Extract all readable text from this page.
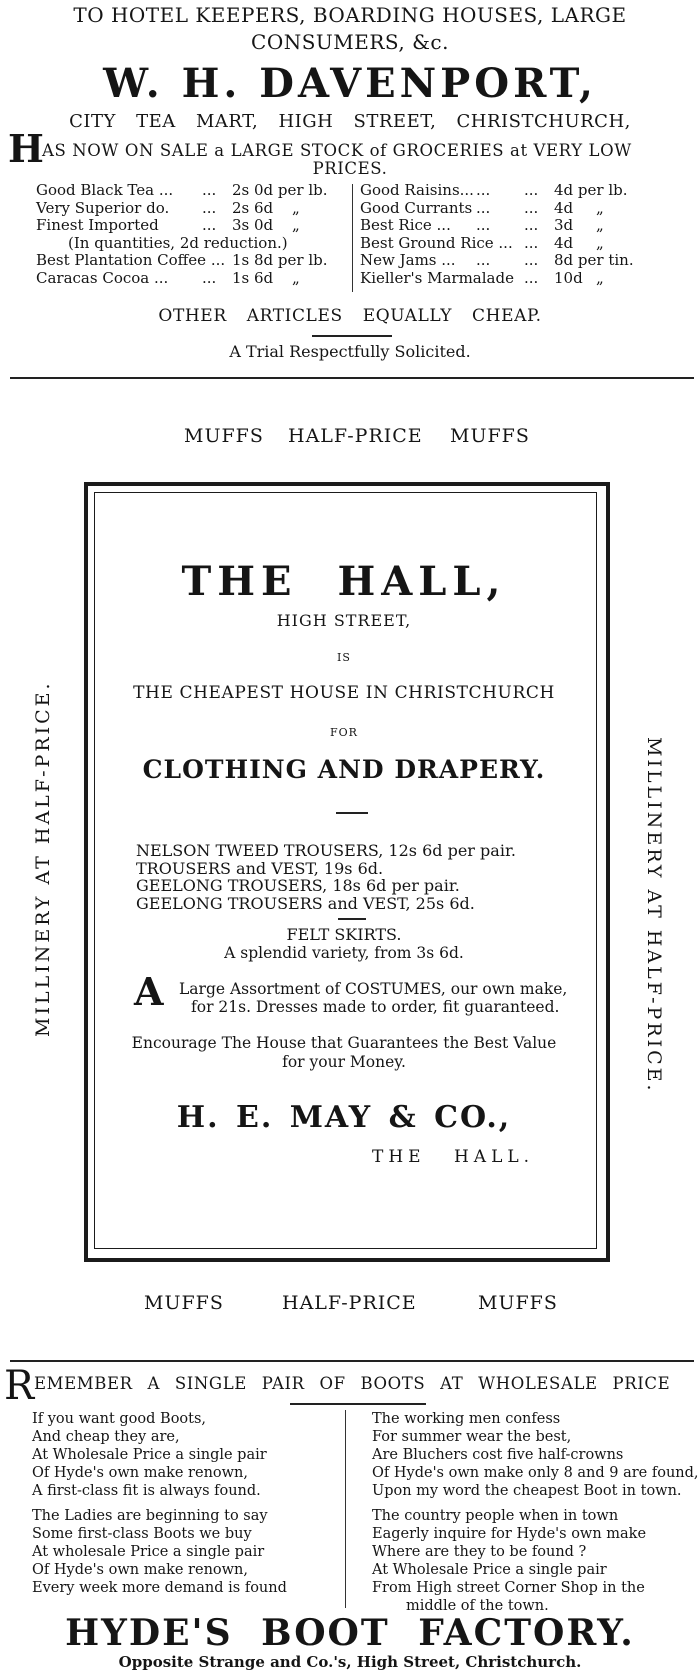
TO HOTEL KEEPERS, BOARDING HOUSES, LARGE
CONSUMERS, &c.
W. H. DAVENPORT,
CITY TEA MART, HIGH STREET, CHRISTCHURCH,
H
AS NOW ON SALE a LARGE STOCK of GROCERIES at VERY LOW
PRICES.
Good Black Tea ... ... 2s 0d per lb.
Very Superior do. ... 2s 6d „
Finest Imported	... 3s 0d „
(In quantities, 2d reduction.)
Best Plantation Coffee ... 1s 8d per lb.
Caracas Cocoa ... ... 1s 6d „
Good Raisins... ... ... 4d per lb.
Good Currants ... ... 4d „
Best Rice ... ... ... 3d „
Best Ground Rice ... ... 4d „
New Jams ... ... ... 8d per tin.
Kieller's Marmalade ... 10d „
OTHER ARTICLES EQUALLY CHEAP.
A Trial Respectfully Solicited.
MUFFS HALF-PRICE MUFFS
MILLINERY AT HALF-PRICE.	MILLINERY AT HALF-PRICE.
THE HALL,
HIGH STREET,
IS
THE CHEAPEST HOUSE IN CHRISTCHURCH
FOR
CLOTHING AND DRAPERY.
NELSON TWEED TROUSERS, 12s 6d per pair.
TROUSERS and VEST, 19s 6d.
GEELONG TROUSERS, 18s 6d per pair.
GEELONG TROUSERS and VEST, 25s 6d.
FELT SKIRTS.
A splendid variety, from 3s 6d.
A Large Assortment of COSTUMES, our own make,
for 21s. Dresses made to order, fit guaranteed.
Encourage The House that Guarantees the Best Value
for your Money.
H. E. MAY & CO.,
THE HALL.
MUFFS	HALF-PRICE	MUFFS
R EMEMBER A SINGLE PAIR OF BOOTS AT WHOLESALE PRICE
If you want good Boots,
And cheap they are,
At Wholesale Price a single pair
Of Hyde's own make renown,
A first-class fit is always found.
The Ladies are beginning to say
Some first-class Boots we buy
At wholesale Price a single pair
Of Hyde's own make renown,
Every week more demand is found
The working men confess
For summer wear the best,
Are Bluchers cost five half-crowns
Of Hyde's own make only 8 and 9 are found,
Upon my word the cheapest Boot in town.
The country people when in town
Eagerly inquire for Hyde's own make
Where are they to be found ?
At Wholesale Price a single pair
From High street Corner Shop in the
middle of the town.
HYDE'S BOOT FACTORY.
Opposite Strange and Co.'s, High Street, Christchurch.
